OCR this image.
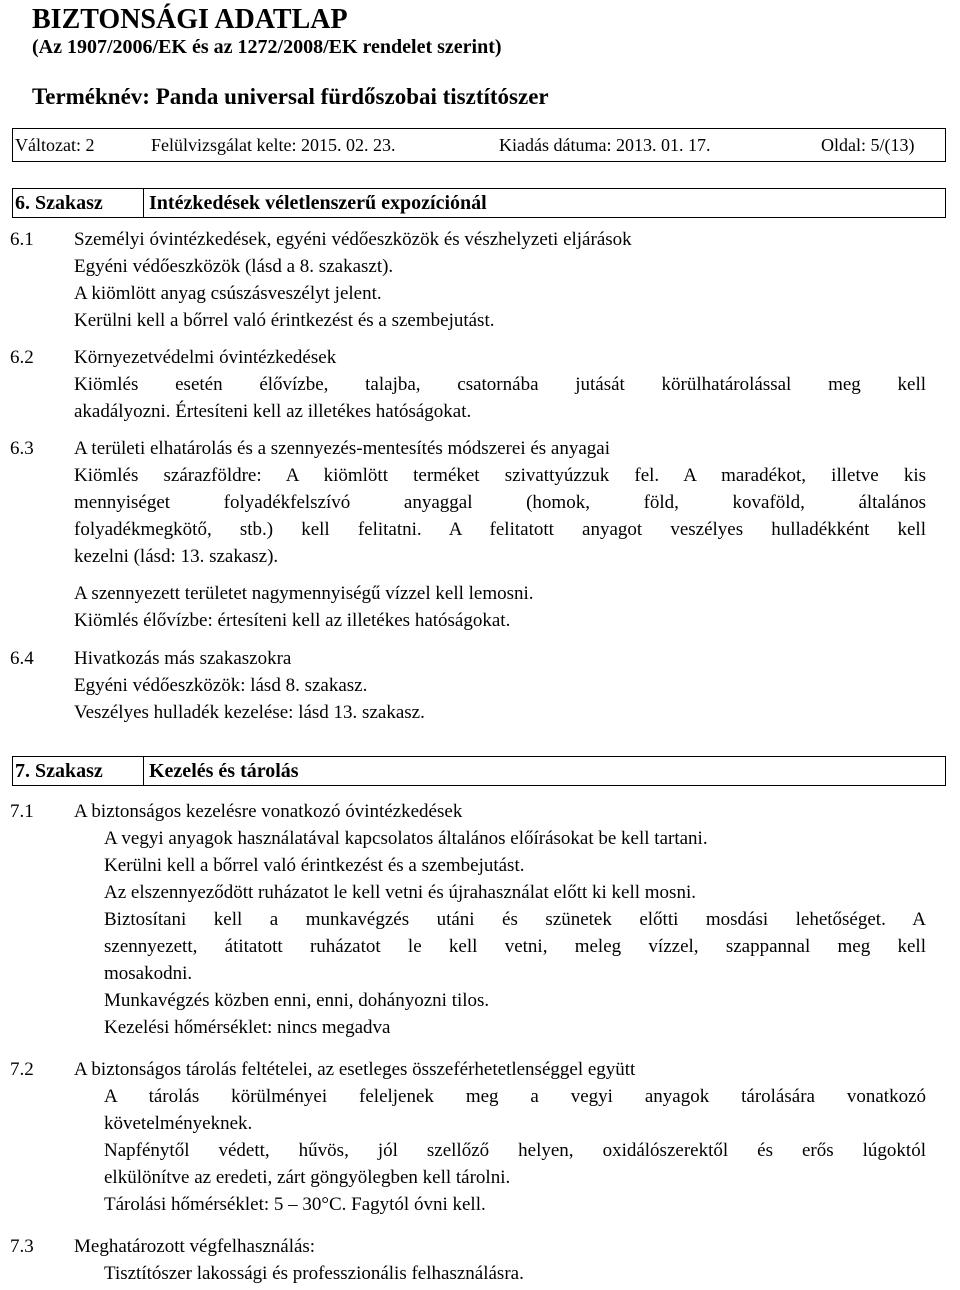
BIZTONSÁGI ADATLAP
(Az 1907/2006/EK és az 1272/2008/EK rendelet szerint)
Terméknév: Panda universal fürdőszobai tisztítószer
Változat: 2	Felülvizsgálat kelte: 2015. 02. 23.	Kiadás dátuma: 2013. 01. 17.	Oldal: 5/(13)
6. Szakasz Intézkedések véletlenszerű expozíciónál
6.1 Személyi óvintézkedések, egyéni védőeszközök és vészhelyzeti eljárások
Egyéni védőeszközök (lásd a 8. szakaszt).
A kiömlött anyag csúszásveszélyt jelent.
Kerülni kell a bőrrel való érintkezést és a szembejutást.
6.2 Környezetvédelmi óvintézkedések
Kiömlés esetén élővízbe, talajba, csatornába jutását körülhatárolással meg kell
akadályozni. Értesíteni kell az illetékes hatóságokat.
6.3 A területi elhatárolás és a szennyezés-mentesítés módszerei és anyagai
Kiömlés szárazföldre: A kiömlött terméket szivattyúzzuk fel. A maradékot, illetve kis
mennyiséget folyadékfelszívó anyaggal (homok, föld, kovaföld, általános
folyadékmegkötő, stb.) kell felitatni. A felitatott anyagot veszélyes hulladékként kell
kezelni (lásd: 13. szakasz).
A szennyezett területet nagymennyiségű vízzel kell lemosni.
Kiömlés élővízbe: értesíteni kell az illetékes hatóságokat.
6.4 Hivatkozás más szakaszokra
Egyéni védőeszközök: lásd 8. szakasz.
Veszélyes hulladék kezelése: lásd 13. szakasz.
7. Szakasz Kezelés és tárolás
7.1 A biztonságos kezelésre vonatkozó óvintézkedések
A vegyi anyagok használatával kapcsolatos általános előírásokat be kell tartani.
Kerülni kell a bőrrel való érintkezést és a szembejutást.
Az elszennyeződött ruházatot le kell vetni és újrahasználat előtt ki kell mosni.
Biztosítani kell a munkavégzés utáni és szünetek előtti mosdási lehetőséget. A
szennyezett, átitatott ruházatot le kell vetni, meleg vízzel, szappannal meg kell
mosakodni.
Munkavégzés közben enni, enni, dohányozni tilos.
Kezelési hőmérséklet: nincs megadva
7.2 A biztonságos tárolás feltételei, az esetleges összeférhetetlenséggel együtt
A tárolás körülményei feleljenek meg a vegyi anyagok tárolására vonatkozó
követelményeknek.
Napfénytől védett, hűvös, jól szellőző helyen, oxidálószerektől és erős lúgoktól
elkülönítve az eredeti, zárt göngyölegben kell tárolni.
Tárolási hőmérséklet: 5 – 30°C. Fagytól óvni kell.
7.3 Meghatározott végfelhasználás:
Tisztítószer lakossági és professzionális felhasználásra.
